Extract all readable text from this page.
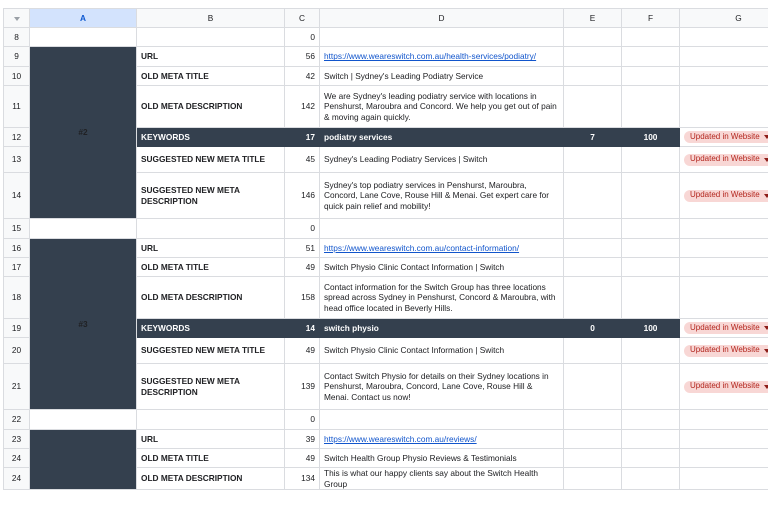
	A	B	C	D	E	F	G
8			0				
9	#2	URL	56	https://www.weareswitch.com.au/health-services/podiatry/			
10		OLD META TITLE	42	Switch | Sydney's Leading Podiatry Service			
11		OLD META DESCRIPTION	142	We are Sydney's leading podiatry service with locations in Penshurst, Maroubra and Concord. We help you get out of pain & moving again quickly.			
12		KEYWORDS	17	podiatry services	7	100	Updated in Website

13		SUGGESTED NEW META TITLE	45	Sydney's Leading Podiatry Services | Switch			Updated in Website

14		SUGGESTED NEW META DESCRIPTION	146	Sydney's top podiatry services in Penshurst, Maroubra, Concord, Lane Cove, Rouse Hill & Menai. Get expert care for quick pain relief and mobility!			Updated in Website

15			0				
16	#3	URL	51	https://www.weareswitch.com.au/contact-information/			
17		OLD META TITLE	49	Switch Physio Clinic Contact Information | Switch			
18		OLD META DESCRIPTION	158	Contact information for the Switch Group has three locations spread across Sydney in Penshurst, Concord & Maroubra, with head office located in Beverly Hills.			
19		KEYWORDS	14	switch physio	0	100	Updated in Website

20		SUGGESTED NEW META TITLE	49	Switch Physio Clinic Contact Information | Switch			Updated in Website

21		SUGGESTED NEW META DESCRIPTION	139	Contact Switch Physio for details on their Sydney locations in Penshurst, Maroubra, Concord, Lane Cove, Rouse Hill & Menai. Contact us now!			Updated in Website

22			0				
23		URL	39	https://www.weareswitch.com.au/reviews/			
24		OLD META TITLE	49	Switch Health Group Physio Reviews & Testimonials			
24		OLD META DESCRIPTION	134	This is what our happy clients say about the Switch Health Group			
